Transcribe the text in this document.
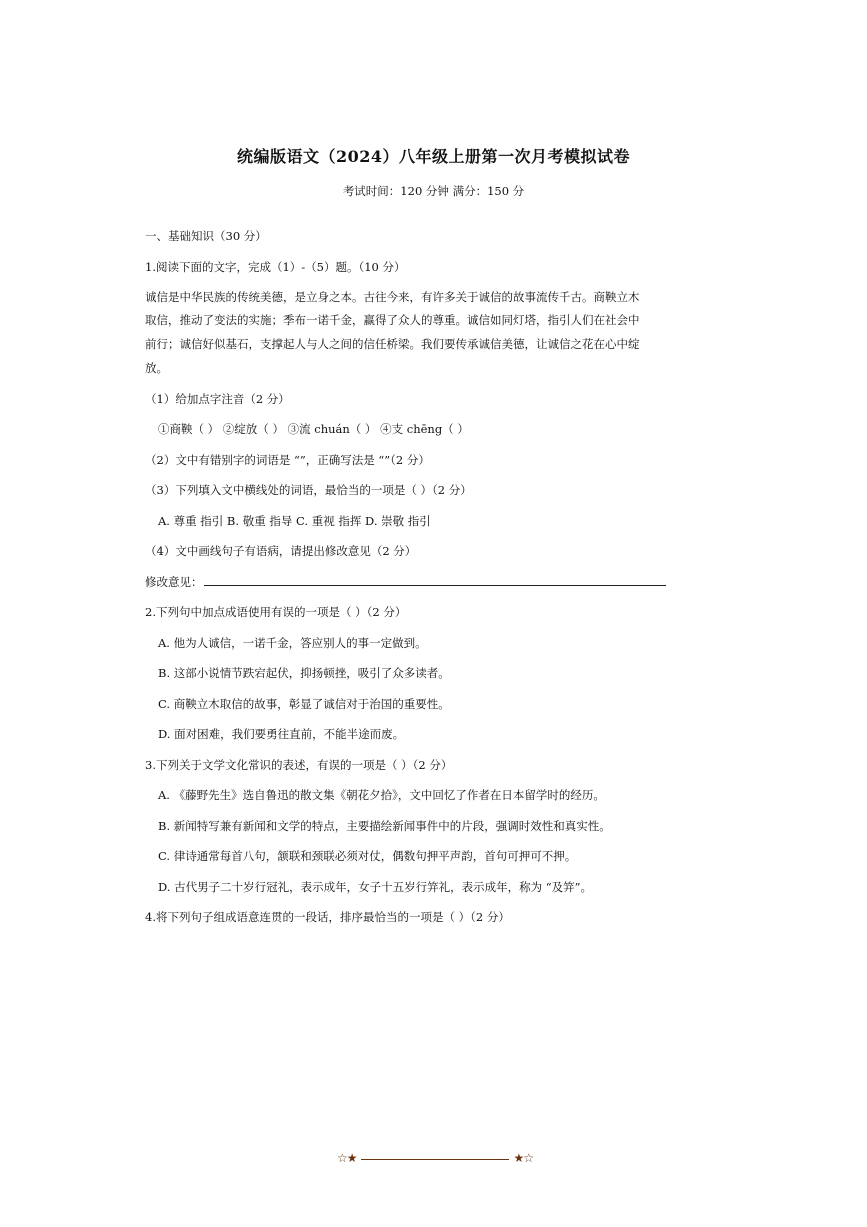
统编版语文（2024）八年级上册第一次月考模拟试卷
考试时间：120 分钟 满分：150 分
一、基础知识（30 分）
1.阅读下面的文字，完成（1）-（5）题。（10 分）
诚信是中华民族的传统美德，是立身之本。古往今来，有许多关于诚信的故事流传千古。商鞅立木
取信，推动了变法的实施；季布一诺千金，赢得了众人的尊重。诚信如同灯塔，指引人们在社会中
前行；诚信好似基石，支撑起人与人之间的信任桥梁。我们要传承诚信美德，让诚信之花在心中绽
放。
（1）给加点字注音（2 分）
①商鞅（ ） ②绽放（ ） ③流 chuán（ ） ④支 chēng（ ）
（2）文中有错别字的词语是 “”，正确写法是 “”（2 分）
（3）下列填入文中横线处的词语，最恰当的一项是（ ）（2 分）
A. 尊重 指引 B. 敬重 指导 C. 重视 指挥 D. 崇敬 指引
（4）文中画线句子有语病，请提出修改意见（2 分）
修改意见：
2.下列句中加点成语使用有误的一项是（ ）（2 分）
A. 他为人诚信，一诺千金，答应别人的事一定做到。
B. 这部小说情节跌宕起伏，抑扬顿挫，吸引了众多读者。
C. 商鞅立木取信的故事，彰显了诚信对于治国的重要性。
D. 面对困难，我们要勇往直前，不能半途而废。
3.下列关于文学文化常识的表述，有误的一项是（ ）（2 分）
A. 《藤野先生》选自鲁迅的散文集《朝花夕拾》，文中回忆了作者在日本留学时的经历。
B. 新闻特写兼有新闻和文学的特点，主要描绘新闻事件中的片段，强调时效性和真实性。
C. 律诗通常每首八句，颔联和颈联必须对仗，偶数句押平声韵，首句可押可不押。
D. 古代男子二十岁行冠礼，表示成年，女子十五岁行笄礼，表示成年，称为 “及笄”。
4.将下列句子组成语意连贯的一段话，排序最恰当的一项是（ ）（2 分）
☆★	★☆
